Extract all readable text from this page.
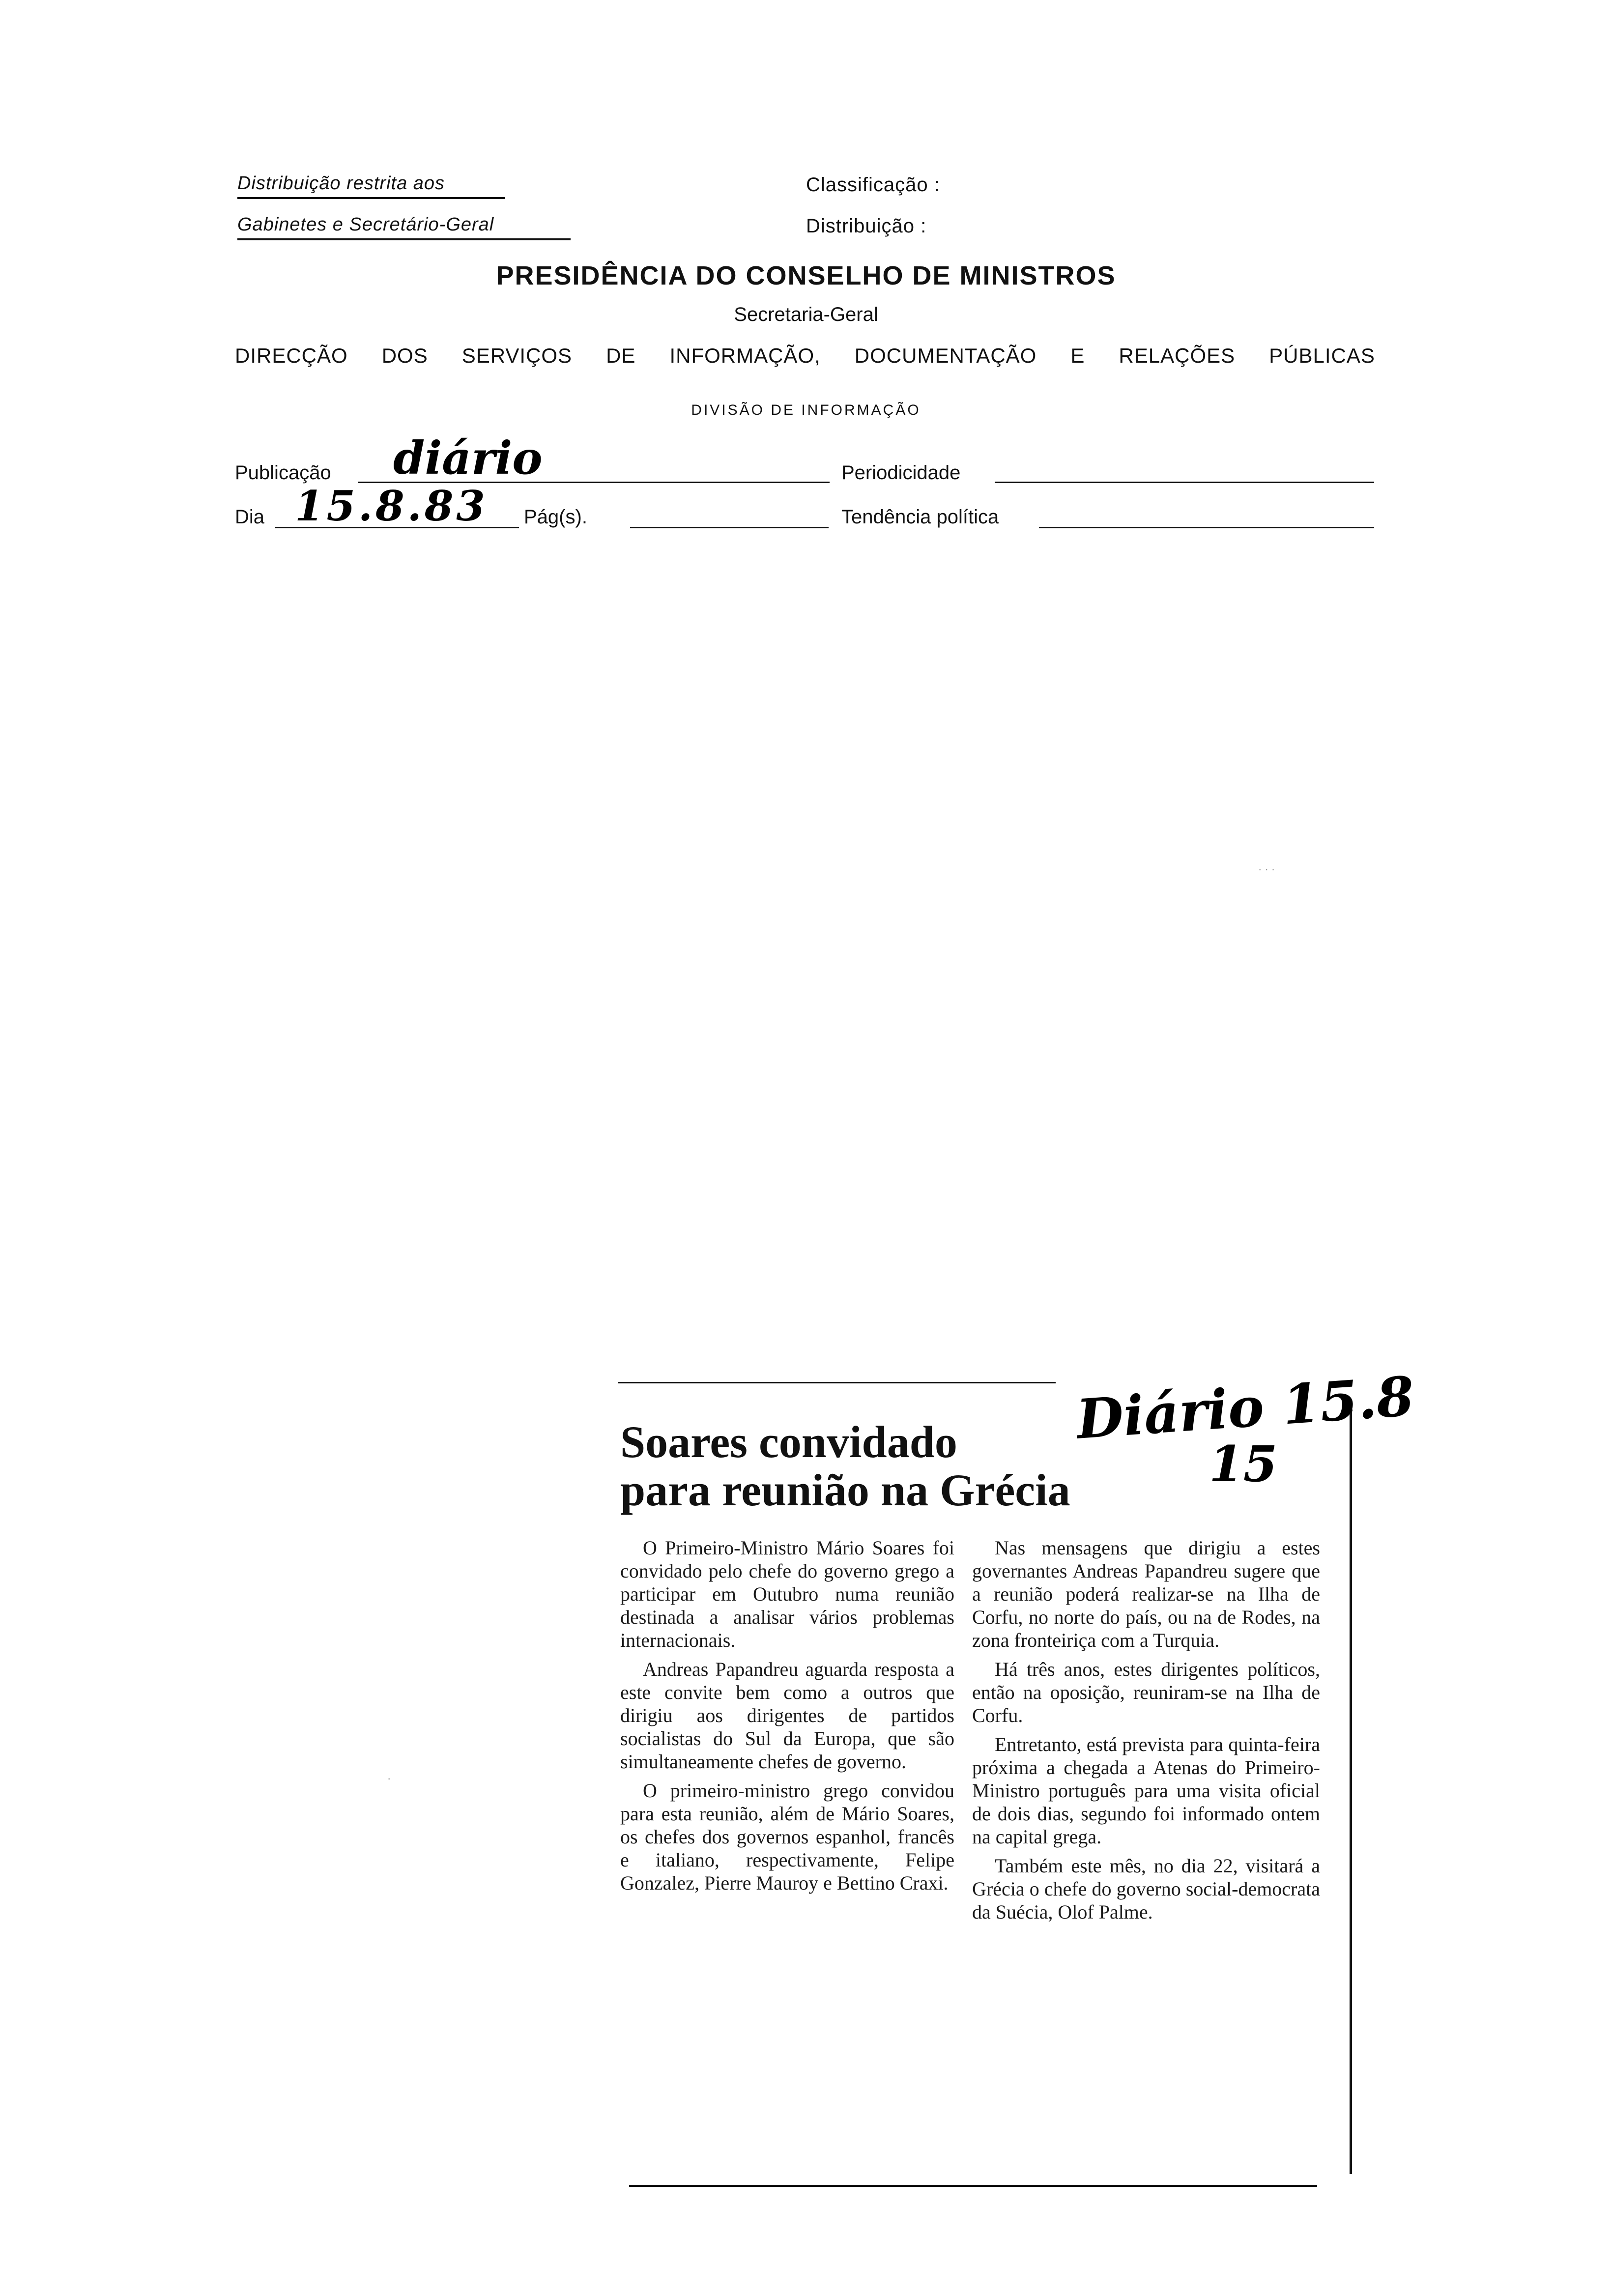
Distribuição restrita aos
Gabinetes e Secretário-Geral
Classificação :
Distribuição :
PRESIDÊNCIA DO CONSELHO DE MINISTROS
Secretaria-Geral
DIRECÇÃO DOS SERVIÇOS DE INFORMAÇÃO, DOCUMENTAÇÃO E RELAÇÕES PÚBLICAS
DIVISÃO DE INFORMAÇÃO
Publicação diário	Periodicidade
Dia 15.8.83 Pág(s).	Tendência política
· · ·
·
Diário 15.8
15
Soares convidado
para reunião na Grécia

O Primeiro-Ministro Mário Soares foi convidado pelo chefe do governo grego a participar em Outubro numa reunião destinada a analisar vários problemas internacionais.

Andreas Papandreu aguarda resposta a este convite bem como a outros que dirigiu aos dirigentes de partidos socialistas do Sul da Europa, que são simultaneamente chefes de governo.

O primeiro-ministro grego convidou para esta reunião, além de Mário Soares, os chefes dos governos espanhol, francês e italiano, respectivamente, Felipe Gonzalez, Pierre Mauroy e Bettino Craxi.

Nas mensagens que dirigiu a estes governantes Andreas Papandreu sugere que a reunião poderá realizar-se na Ilha de Corfu, no norte do país, ou na de Rodes, na zona fronteiriça com a Turquia.

Há três anos, estes dirigentes políticos, então na oposição, reuniram-se na Ilha de Corfu.

Entretanto, está prevista para quinta-feira próxima a chegada a Atenas do Primeiro-Ministro português para uma visita oficial de dois dias, segundo foi informado ontem na capital grega.

Também este mês, no dia 22, visitará a Grécia o chefe do governo social-democrata da Suécia, Olof Palme.
